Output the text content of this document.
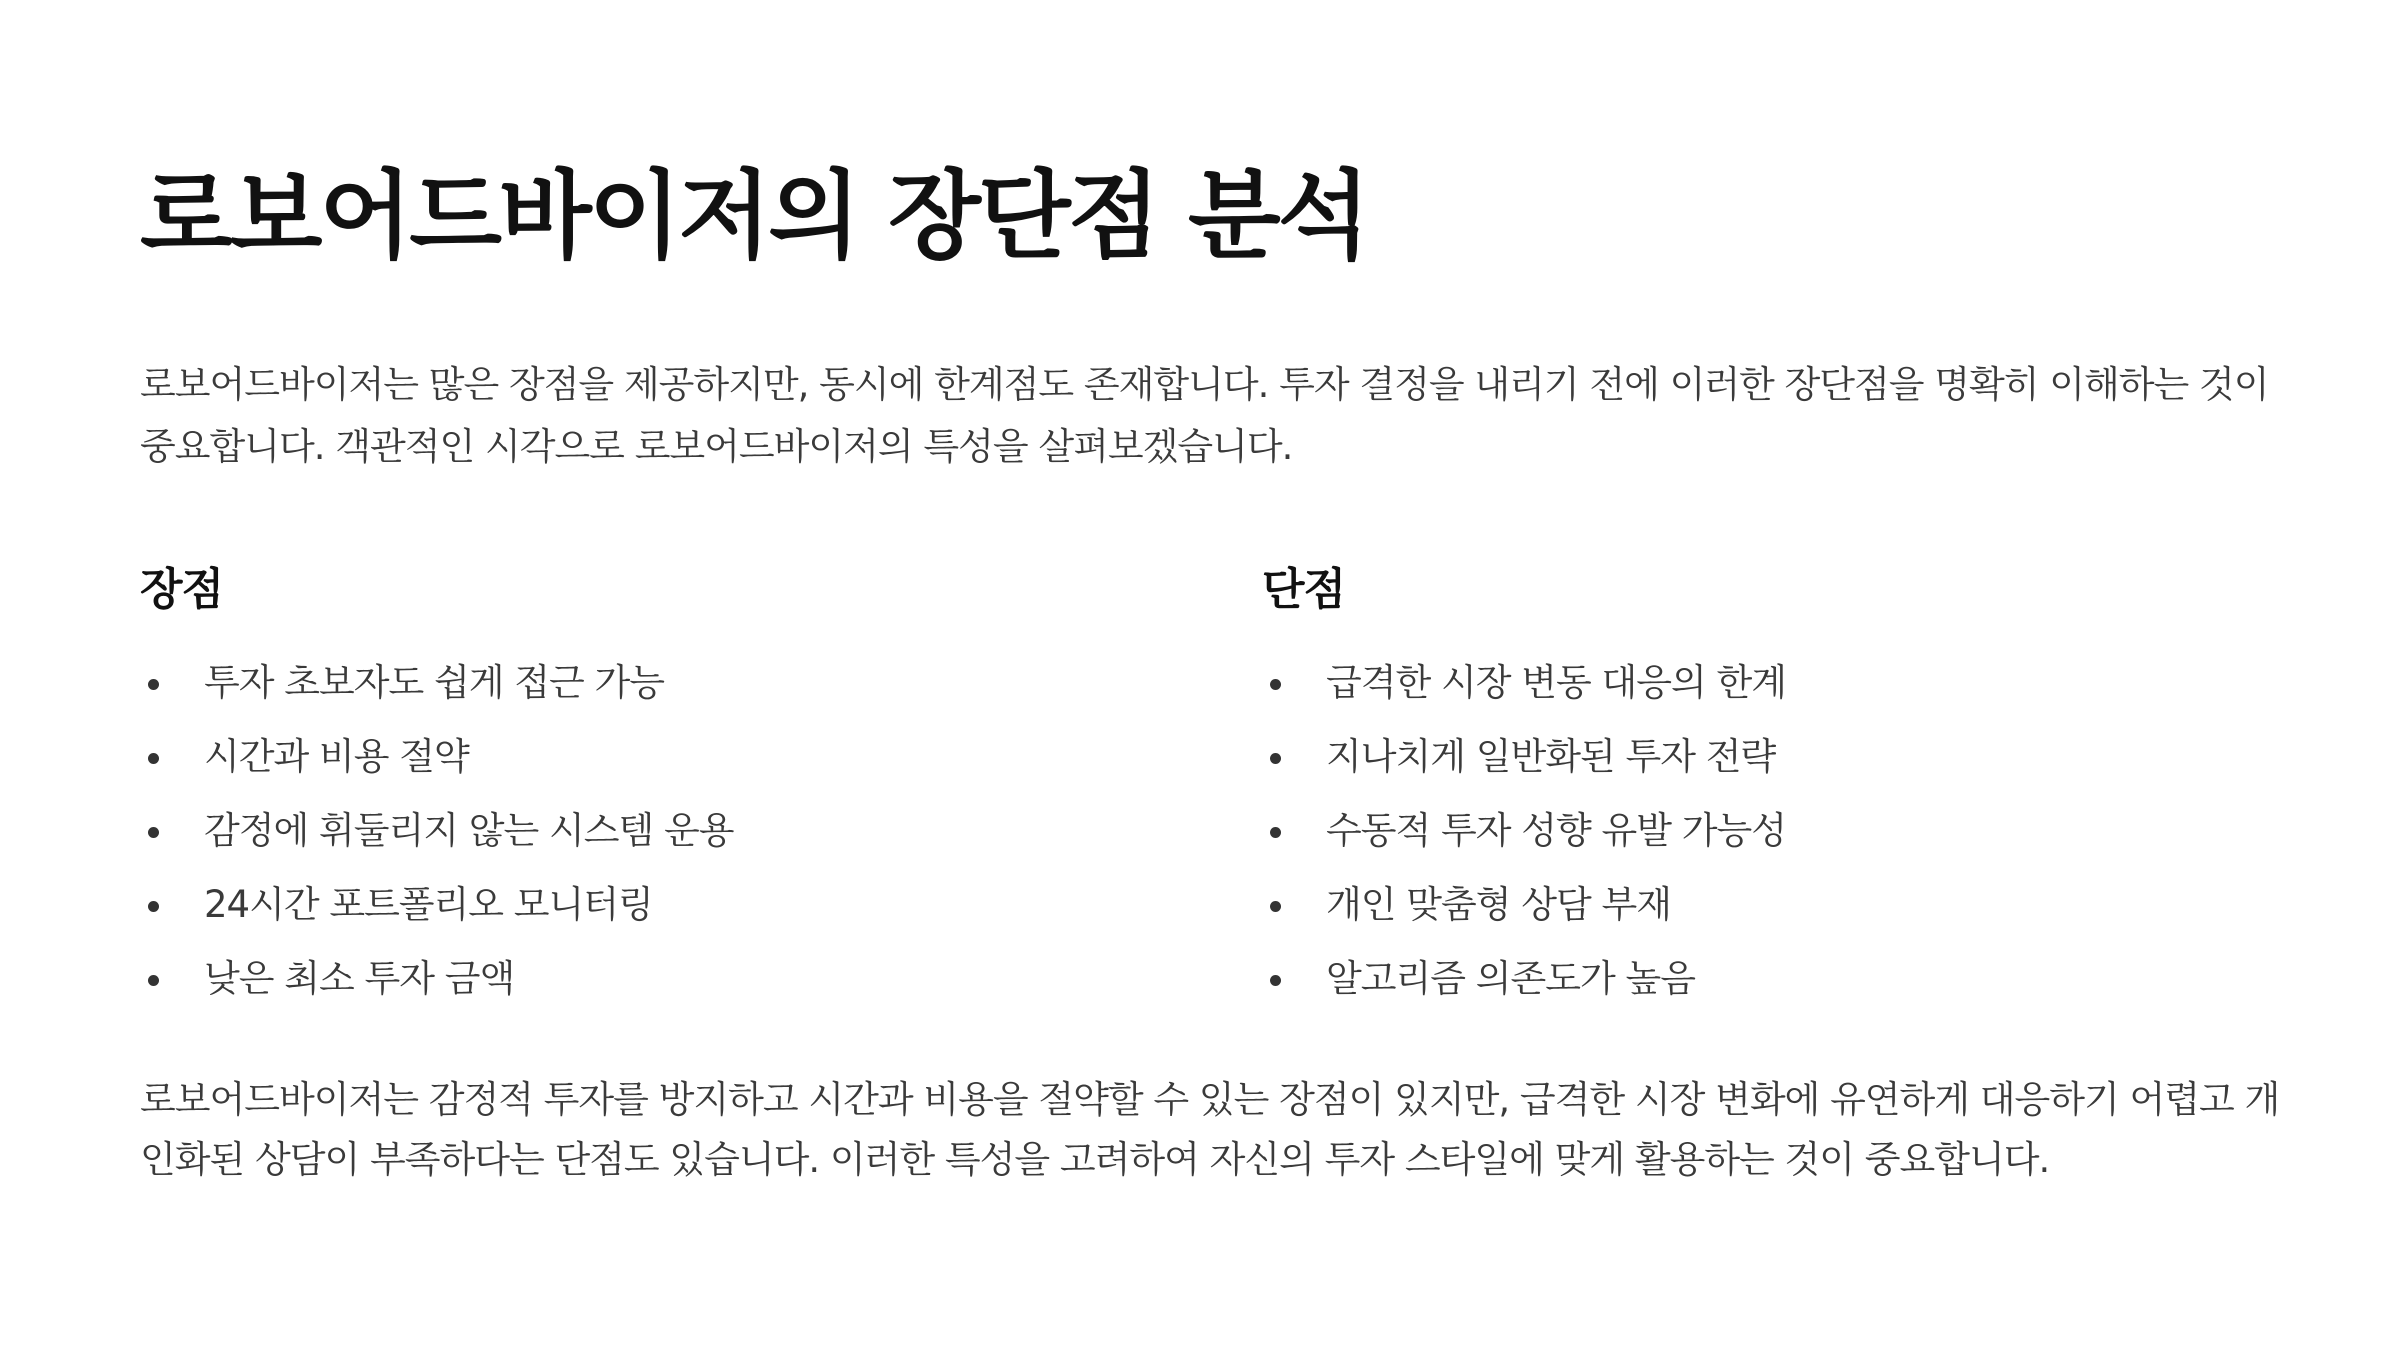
로보어드바이저의 장단점 분석

로보어드바이저는 많은 장점을 제공하지만, 동시에 한계점도 존재합니다. 투자 결정을 내리기 전에 이러한 장단점을 명확히 이해하는 것이 중요합니다. 객관적인 시각으로 로보어드바이저의 특성을 살펴보겠습니다.

장점
투자 초보자도 쉽게 접근 가능
시간과 비용 절약
감정에 휘둘리지 않는 시스템 운용
24시간 포트폴리오 모니터링
낮은 최소 투자 금액
단점
급격한 시장 변동 대응의 한계
지나치게 일반화된 투자 전략
수동적 투자 성향 유발 가능성
개인 맞춤형 상담 부재
알고리즘 의존도가 높음

로보어드바이저는 감정적 투자를 방지하고 시간과 비용을 절약할 수 있는 장점이 있지만, 급격한 시장 변화에 유연하게 대응하기 어렵고 개인화된 상담이 부족하다는 단점도 있습니다. 이러한 특성을 고려하여 자신의 투자 스타일에 맞게 활용하는 것이 중요합니다.
